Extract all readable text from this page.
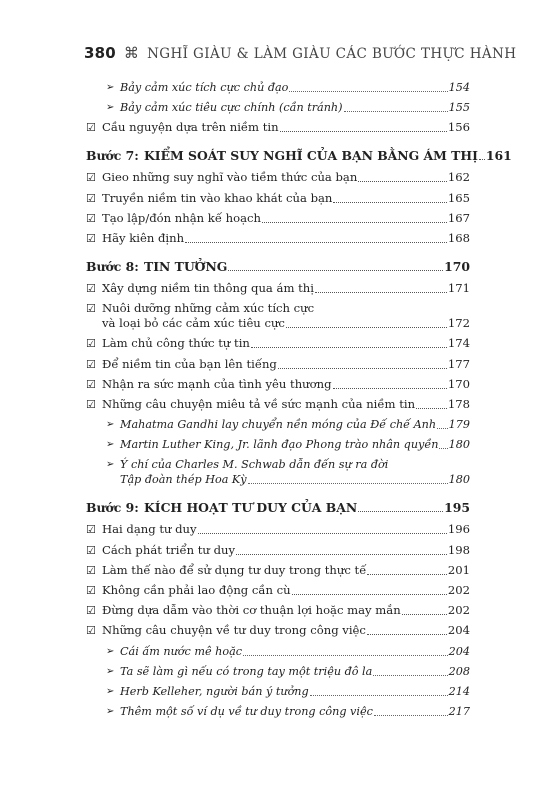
380 ⌘ NGHĨ GIÀU & LÀM GIÀU CÁC BƯỚC THỰC HÀNH
➢ Bảy cảm xúc tích cực chủ đạo	154
➢ Bảy cảm xúc tiêu cực chính (cần tránh)	155
☑ Cầu nguyện dựa trên niềm tin	156
Bước 7: KIỂM SOÁT SUY NGHĨ CỦA BẠN BẰNG ÁM THỊ 161
☑ Gieo những suy nghĩ vào tiềm thức của bạn	162
☑ Truyền niềm tin vào khao khát của bạn	165
☑ Tạo lập/đón nhận kế hoạch	167
☑ Hãy kiên định	168
Bước 8: TIN TƯỞNG	170
☑ Xây dựng niềm tin thông qua ám thị	171
☑ Nuôi dưỡng những cảm xúc tích cực
và loại bỏ các cảm xúc tiêu cực	172
☑ Làm chủ công thức tự tin	174
☑ Để niềm tin của bạn lên tiếng	177
☑ Nhận ra sức mạnh của tình yêu thương	170
☑ Những câu chuyện miêu tả về sức mạnh của niềm tin	178
➢ Mahatma Gandhi lay chuyển nền móng của Đế chế Anh 179
➢ Martin Luther King, Jr. lãnh đạo Phong trào nhân quyền 180
➢ Ý chí của Charles M. Schwab dẫn đến sự ra đời
Tập đoàn thép Hoa Kỳ	180
Bước 9: KÍCH HOẠT TƯ DUY CỦA BẠN	195
☑ Hai dạng tư duy	196
☑ Cách phát triển tư duy	198
☑ Làm thế nào để sử dụng tư duy trong thực tế	201
☑ Không cần phải lao động cần cù	202
☑ Đừng dựa dẫm vào thời cơ thuận lợi hoặc may mắn	202
☑ Những câu chuyện về tư duy trong công việc	204
➢ Cái ấm nước mê hoặc	204
➢ Ta sẽ làm gì nếu có trong tay một triệu đô la	208
➢ Herb Kelleher, người bán ý tưởng	214
➢ Thêm một số ví dụ về tư duy trong công việc	217
